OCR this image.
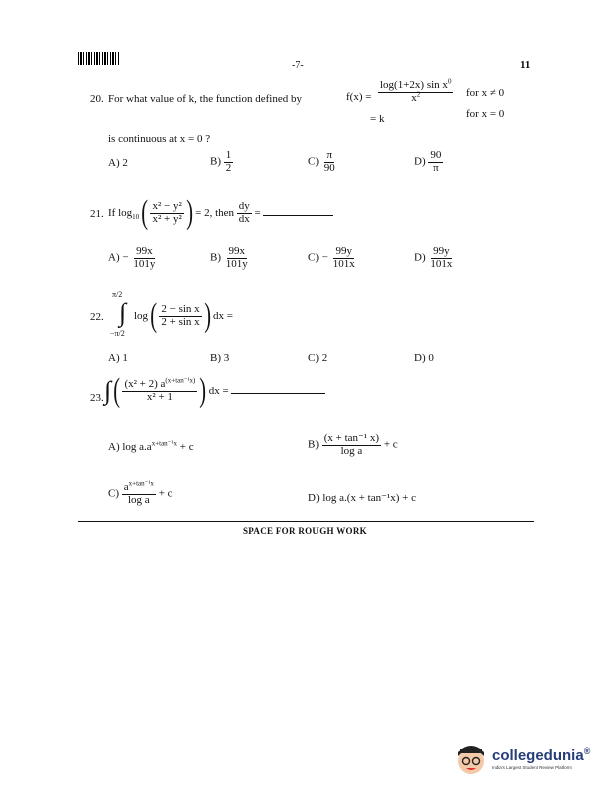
-7-	11
20. For what value of k, the function defined by	$f(x) = \frac{\log(1+2x) \sin x^0}{x^2}$ for x ≠ 0
= k	for x = 0
is continuous at x = 0 ?
A) 2	$B) \frac{1}{2}$	$C) \frac{\pi}{90}$	$D) \frac{90}{\pi}$
21. If $\log_{10}( \frac{\text{x² − y²}}{\text{x² + y²}}$ ) = 2, then $\frac{dy}{dx}$ =
$A) - \frac{99x}{101y}$	$B) \frac{99x}{101y}$	$C) - \frac{99y}{101x}$	$D) \frac{99y}{101x}$
22.
π/2
∫
−π/2
$\log( \frac{\text{2 − sin x}}{\text{2 + sin x}}$ ) dx =
A) 1	B) 3	C) 2	D) 0
23. ∫( $\frac{(x^2 + 2) a^{(x+tan^{-1}x)}}{\text{x² + 1}}$ ) dx =
A) $\log a.a^{x+tan^{-1}x} + c$	$B) \frac{\text{(x + tan⁻¹ x)}}{\text{log a}} + c$
$C) \frac{a^{x+tan^{-1}x}}{\text{log a}} + c$	D) log a.(x + tan⁻¹x) + c
SPACE FOR ROUGH WORK
collegedunia®
India's Largest Student Review Platform
